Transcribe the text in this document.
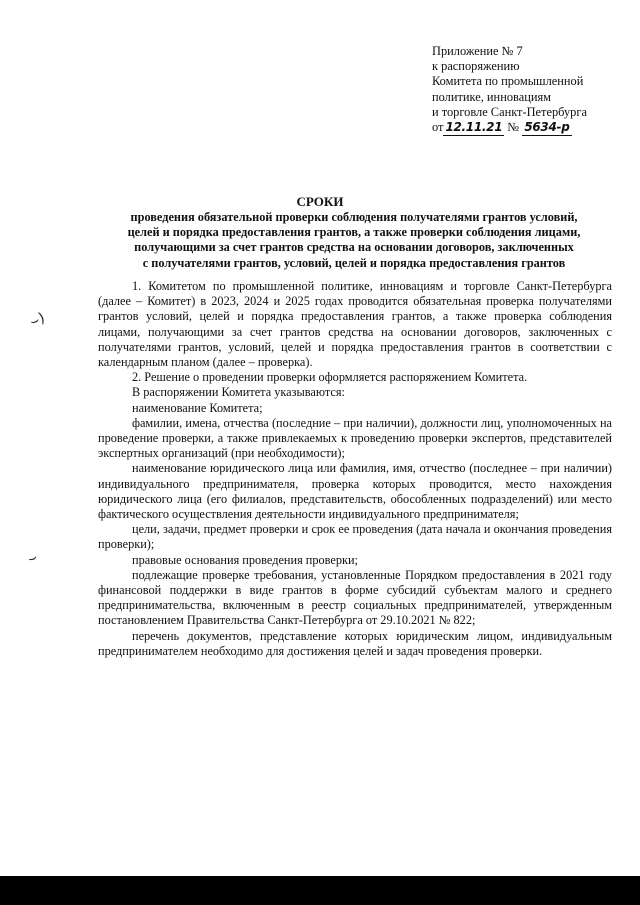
Приложение № 7
к распоряжению
Комитета по промышленной
политике, инновациям
и торговле Санкт-Петербурга
от 12.11.21 № 5634-р
СРОКИ
проведения обязательной проверки соблюдения получателями грантов условий,
целей и порядка предоставления грантов, а также проверки соблюдения лицами,
получающими за счет грантов средства на основании договоров, заключенных
с получателями грантов, условий, целей и порядка предоставления грантов

1. Комитетом по промышленной политике, инновациям и торговле Санкт-Петербурга (далее – Комитет) в 2023, 2024 и 2025 годах проводится обязательная проверка получателями грантов условий, целей и порядка предоставления грантов, а также проверка соблюдения лицами, получающими за счет грантов средства на основании договоров, заключенных с получателями грантов, условий, целей и порядка предоставления грантов в соответствии с календарным планом (далее – проверка).

2. Решение о проведении проверки оформляется распоряжением Комитета.

В распоряжении Комитета указываются:

наименование Комитета;

фамилии, имена, отчества (последние – при наличии), должности лиц, уполномоченных на проведение проверки, а также привлекаемых к проведению проверки экспертов, представителей экспертных организаций (при необходимости);

наименование юридического лица или фамилия, имя, отчество (последнее – при наличии) индивидуального предпринимателя, проверка которых проводится, место нахождения юридического лица (его филиалов, представительств, обособленных подразделений) или место фактического осуществления деятельности индивидуального предпринимателя;

цели, задачи, предмет проверки и срок ее проведения (дата начала и окончания проведения проверки);

правовые основания проведения проверки;

подлежащие проверке требования, установленные Порядком предоставления в 2021 году финансовой поддержки в виде грантов в форме субсидий субъектам малого и среднего предпринимательства, включенным в реестр социальных предпринимателей, утвержденным постановлением Правительства Санкт-Петербурга от 29.10.2021 № 822;

перечень документов, представление которых юридическим лицом, индивидуальным предпринимателем необходимо для достижения целей и задач проведения проверки.

⌣)
⌣
